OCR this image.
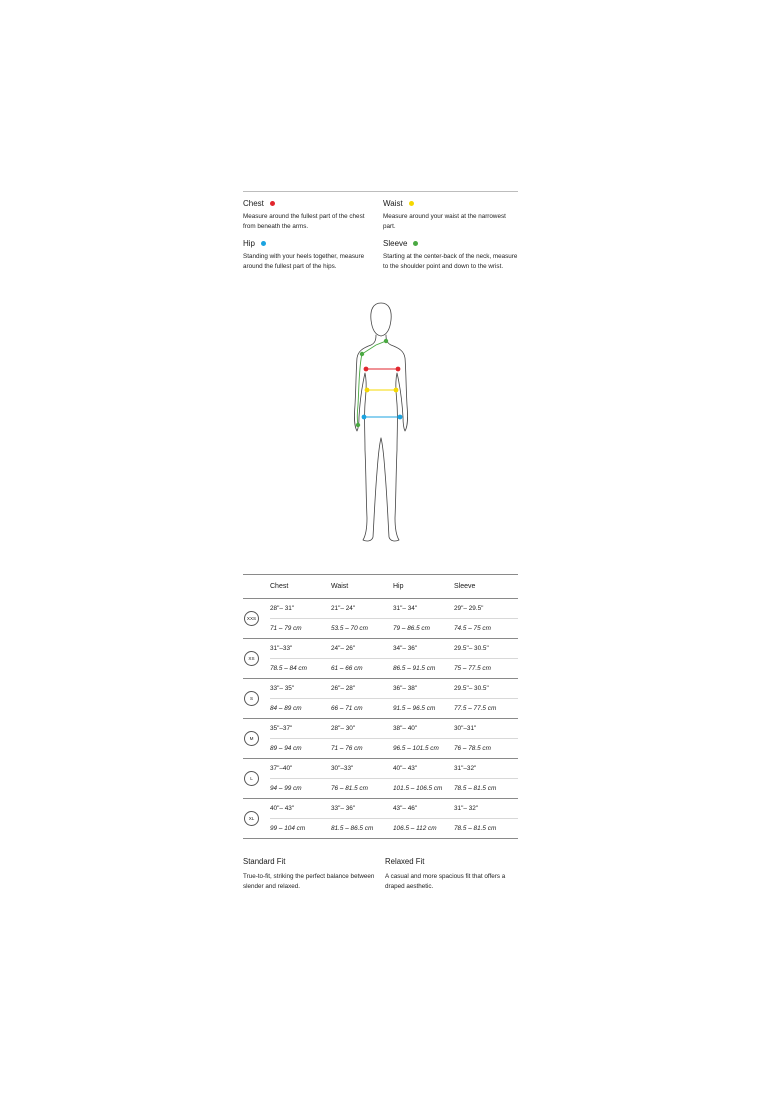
Chest
Measure around the fullest part of the chest from beneath the arms.
Waist
Measure around your waist at the narrowest part.
Hip
Standing with your heels together, measure around the fullest part of the hips.
Sleeve
Starting at the center-back of the neck, measure to the shoulder point and down to the wrist.
	Chest	Waist	Hip	Sleeve

XXS	28"– 31"	21"– 24"	31"– 34"	29"– 29.5"
	71 – 79 cm	53.5 – 70 cm	79 – 86.5 cm	74.5 – 75 cm

XS	31"–33"	24"– 26"	34"– 36"	29.5"– 30.5"
	78.5 – 84 cm	61 – 66 cm	86.5 – 91.5 cm	75 – 77.5 cm

S	33"– 35"	26"– 28"	36"– 38"	29.5"– 30.5"
	84 – 89 cm	66 – 71 cm	91.5 – 96.5 cm	77.5 – 77.5 cm

M	35"–37"	28"– 30"	38"– 40"	30"–31"
	89 – 94 cm	71 – 76 cm	96.5 – 101.5 cm	76 – 78.5 cm

L	37"–40"	30"–33"	40"– 43"	31"–32"
	94 – 99 cm	76 – 81.5 cm	101.5 – 106.5 cm	78.5 – 81.5 cm

XL	40"– 43"	33"– 36"	43"– 46"	31"– 32"
	99 – 104 cm	81.5 – 86.5 cm	106.5 – 112 cm	78.5 – 81.5 cm
Standard Fit
True-to-fit, striking the perfect balance between slender and relaxed.
Relaxed Fit
A casual and more spacious fit that offers a draped aesthetic.
